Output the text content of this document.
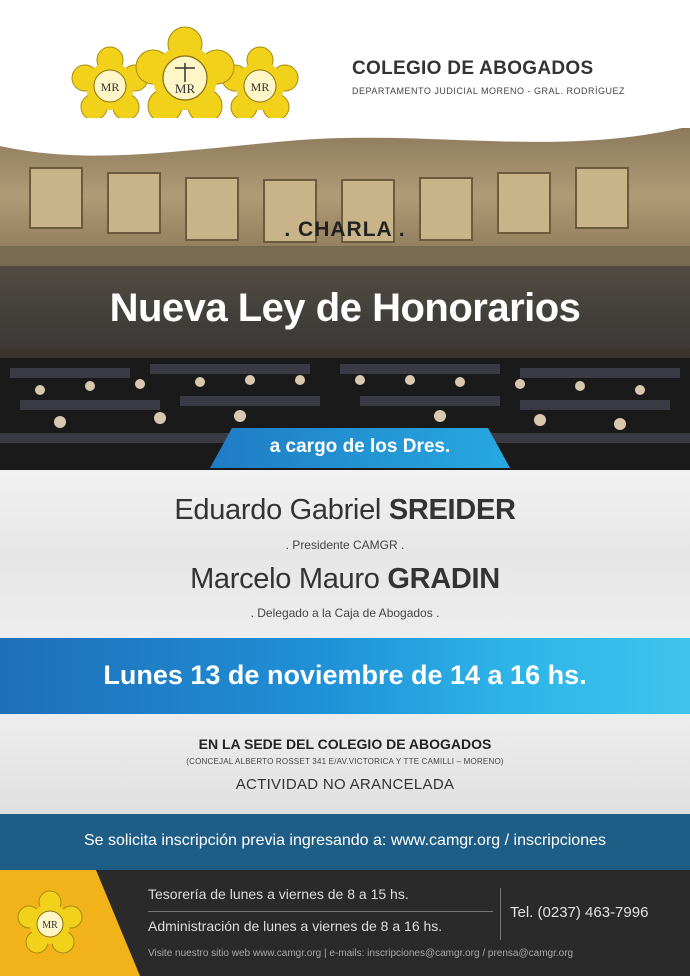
MR	MR
MR
COLEGIO DE ABOGADOS
DEPARTAMENTO JUDICIAL MORENO - GRAL. RODRÍGUEZ
. CHARLA .
Nueva Ley de Honorarios
a cargo de los Dres.
Eduardo Gabriel SREIDER
. Presidente CAMGR .
Marcelo Mauro GRADIN
. Delegado a la Caja de Abogados .
Lunes 13 de noviembre de 14 a 16 hs.
EN LA SEDE DEL COLEGIO DE ABOGADOS
(CONCEJAL ALBERTO ROSSET 341 E/AV.VICTORICA Y TTE CAMILLI – MORENO)
ACTIVIDAD NO ARANCELADA
Se solicita inscripción previa ingresando a: www.camgr.org / inscripciones
MR
Tesorería de lunes a viernes de 8 a 15 hs.
Administración de lunes a viernes de 8 a 16 hs.
Tel. (0237) 463-7996
Visite nuestro sitio web www.camgr.org | e-mails: inscripciones@camgr.org / prensa@camgr.org
